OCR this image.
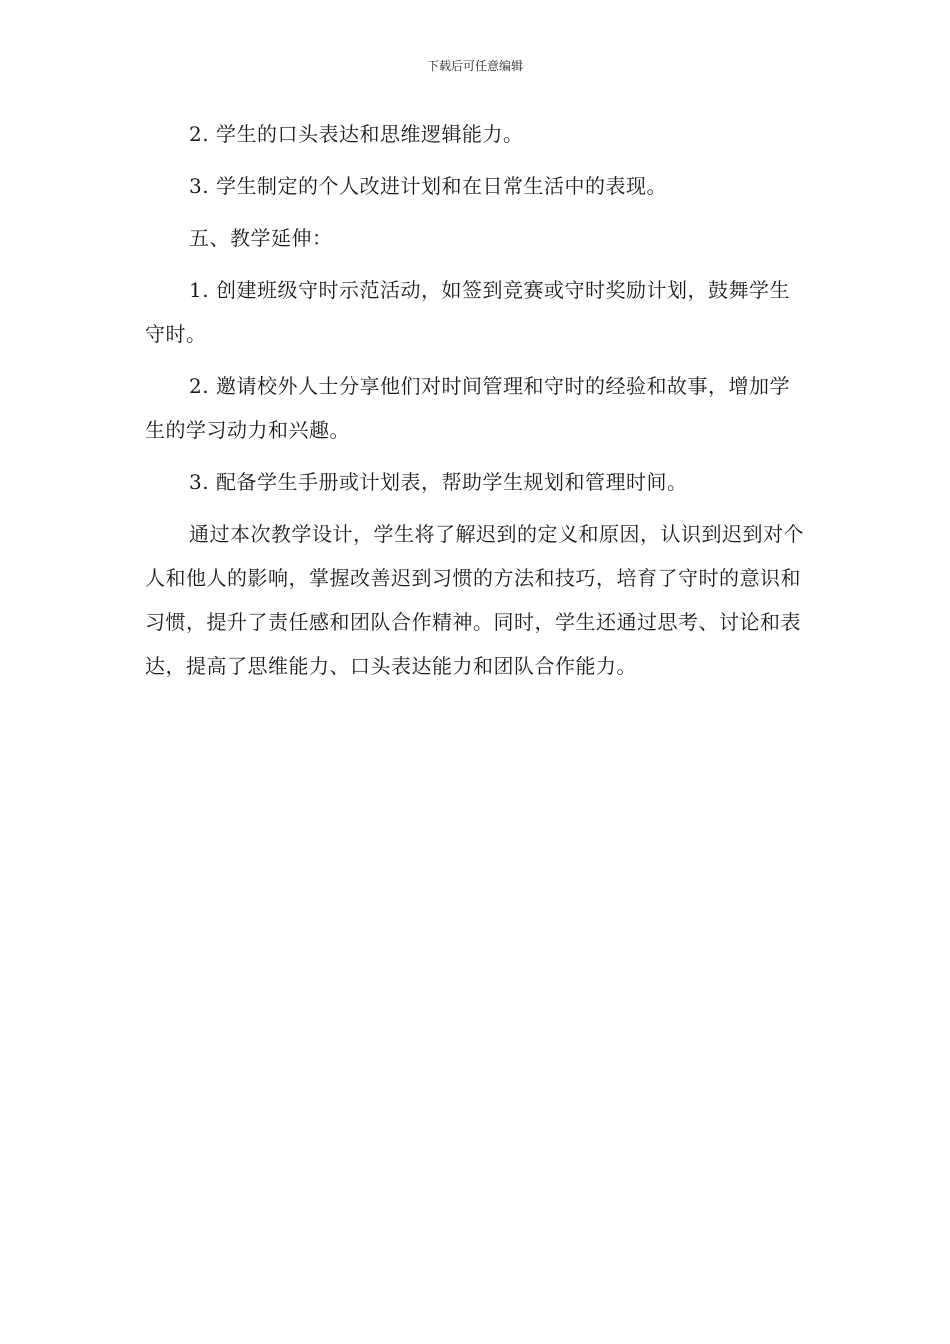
下载后可任意编辑

2. 学生的口头表达和思维逻辑能力。

3. 学生制定的个人改进计划和在日常生活中的表现。

五、教学延伸：

1. 创建班级守时示范活动，如签到竞赛或守时奖励计划，鼓舞学生守时。

2. 邀请校外人士分享他们对时间管理和守时的经验和故事，增加学生的学习动力和兴趣。

3. 配备学生手册或计划表，帮助学生规划和管理时间。

通过本次教学设计，学生将了解迟到的定义和原因，认识到迟到对个人和他人的影响，掌握改善迟到习惯的方法和技巧，培育了守时的意识和习惯，提升了责任感和团队合作精神。同时，学生还通过思考、讨论和表达，提高了思维能力、口头表达能力和团队合作能力。
